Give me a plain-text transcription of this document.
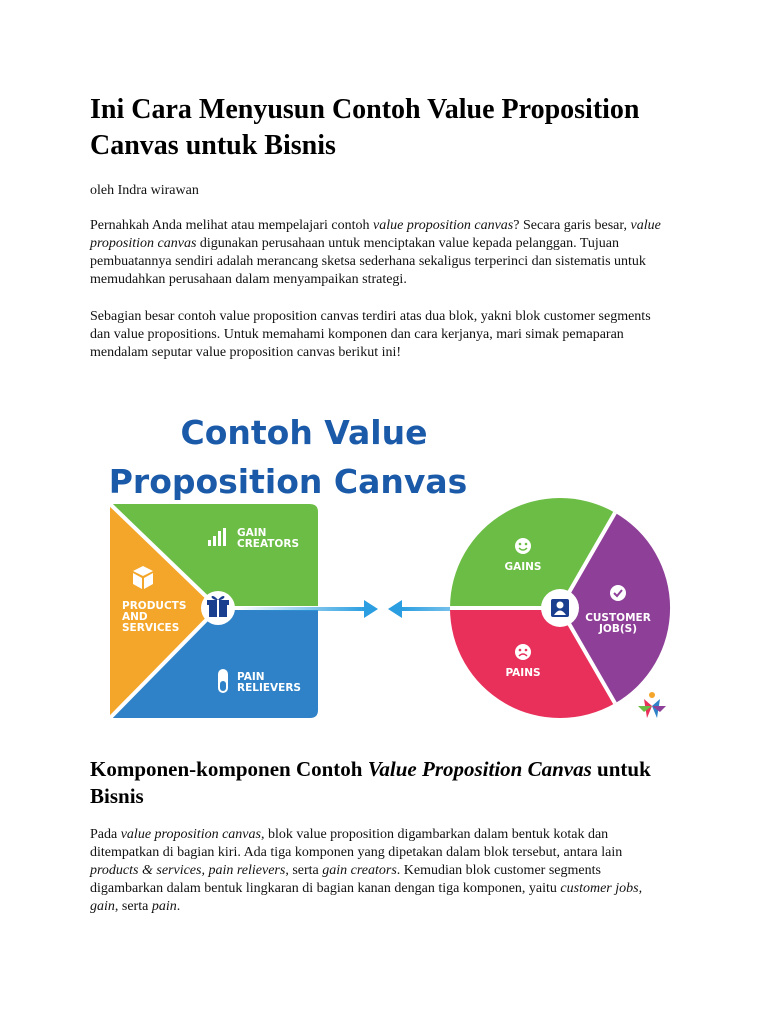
Ini Cara Menyusun Contoh Value Proposition Canvas untuk Bisnis
oleh Indra wirawan

Pernahkah Anda melihat atau mempelajari contoh value proposition canvas? Secara garis besar, value proposition canvas digunakan perusahaan untuk menciptakan value kepada pelanggan. Tujuan pembuatannya sendiri adalah merancang sketsa sederhana sekaligus terperinci dan sistematis untuk memudahkan perusahaan dalam menyampaikan strategi.

Sebagian besar contoh value proposition canvas terdiri atas dua blok, yakni blok customer segments dan value propositions. Untuk memahami komponen dan cara kerjanya, mari simak pemaparan mendalam seputar value proposition canvas berikut ini!

Komponen-komponen Contoh Value Proposition Canvas untuk Bisnis

Pada value proposition canvas, blok value proposition digambarkan dalam bentuk kotak dan ditempatkan di bagian kiri. Ada tiga komponen yang dipetakan dalam blok tersebut, antara lain products & services, pain relievers, serta gain creators. Kemudian blok customer segments digambarkan dalam bentuk lingkaran di bagian kanan dengan tiga komponen, yaitu customer jobs, gain, serta pain.

Contoh Value
Proposition Canvas
GAIN
CREATORS
PRODUCTS
AND
SERVICES
PAIN
RELIEVERS
GAINS
CUSTOMER
JOB(S)
PAINS
